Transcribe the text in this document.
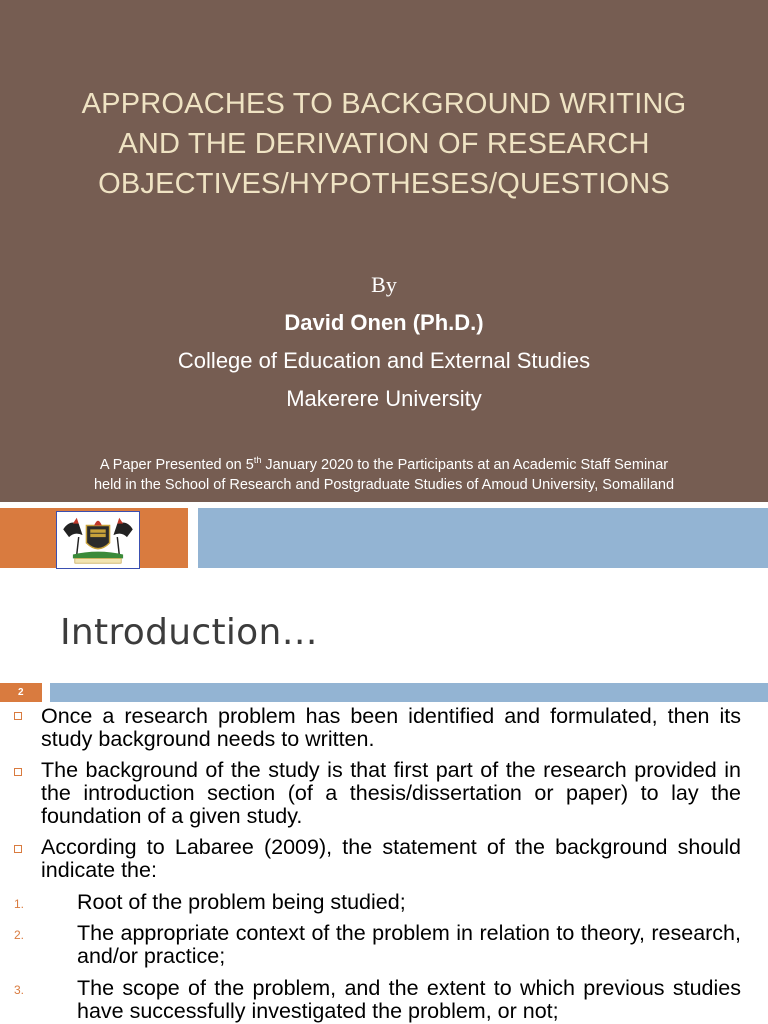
APPROACHES TO BACKGROUND WRITING
AND THE DERIVATION OF RESEARCH
OBJECTIVES/HYPOTHESES/QUESTIONS
By
David Onen (Ph.D.)
College of Education and External Studies
Makerere University
A Paper Presented on 5th January 2020 to the Participants at an Academic Staff Seminar
held in the School of Research and Postgraduate Studies of Amoud University, Somaliland
Introduction…
2
Once a research problem has been identified and formulated, then its study background needs to written.
The background of the study is that first part of the research provided in the introduction section (of a thesis/dissertation or paper) to lay the foundation of a given study.
According to Labaree (2009), the statement of the background should indicate the:
1. Root of the problem being studied;
2. The appropriate context of the problem in relation to theory, research, and/or practice;
3. The scope of the problem, and the extent to which previous studies have successfully investigated the problem, or not;
